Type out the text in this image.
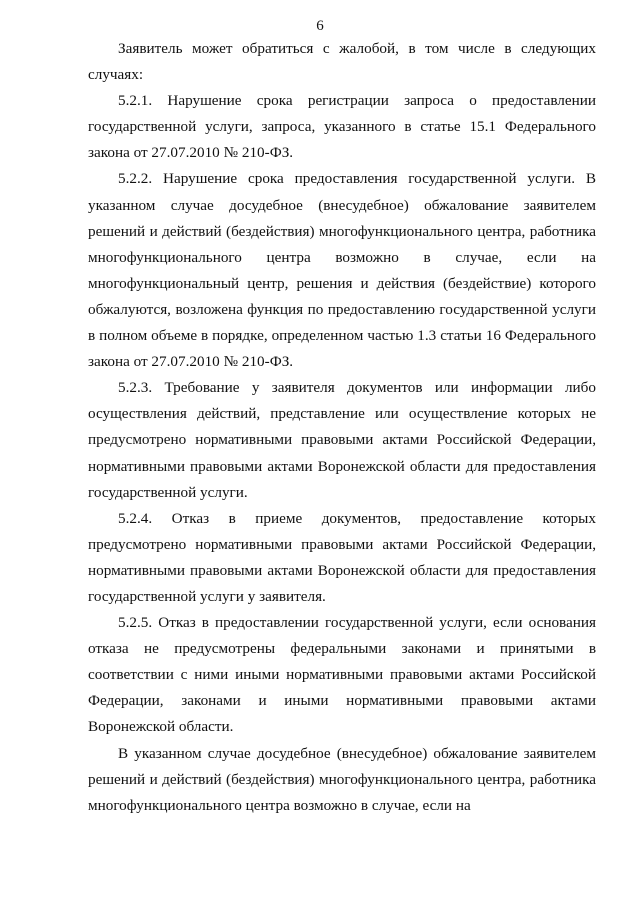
6

Заявитель может обратиться с жалобой, в том числе в следующих случаях:

5.2.1. Нарушение срока регистрации запроса о предоставлении государственной услуги, запроса, указанного в статье 15.1 Федерального закона от 27.07.2010 № 210-ФЗ.

5.2.2. Нарушение срока предоставления государственной услуги. В указанном случае досудебное (внесудебное) обжалование заявителем решений и действий (бездействия) многофункционального центра, работника многофункционального центра возможно в случае, если на многофункциональный центр, решения и действия (бездействие) которого обжалуются, возложена функция по предоставлению государственной услуги в полном объеме в порядке, определенном частью 1.3 статьи 16 Федерального закона от 27.07.2010 № 210-ФЗ.

5.2.3. Требование у заявителя документов или информации либо осуществления действий, представление или осуществление которых не предусмотрено нормативными правовыми актами Российской Федерации, нормативными правовыми актами Воронежской области для предоставления государственной услуги.

5.2.4. Отказ в приеме документов, предоставление которых предусмотрено нормативными правовыми актами Российской Федерации, нормативными правовыми актами Воронежской области для предоставления государственной услуги у заявителя.

5.2.5. Отказ в предоставлении государственной услуги, если основания отказа не предусмотрены федеральными законами и принятыми в соответствии с ними иными нормативными правовыми актами Российской Федерации, законами и иными нормативными правовыми актами Воронежской области.

В указанном случае досудебное (внесудебное) обжалование заявителем решений и действий (бездействия) многофункционального центра, работника многофункционального центра возможно в случае, если на
